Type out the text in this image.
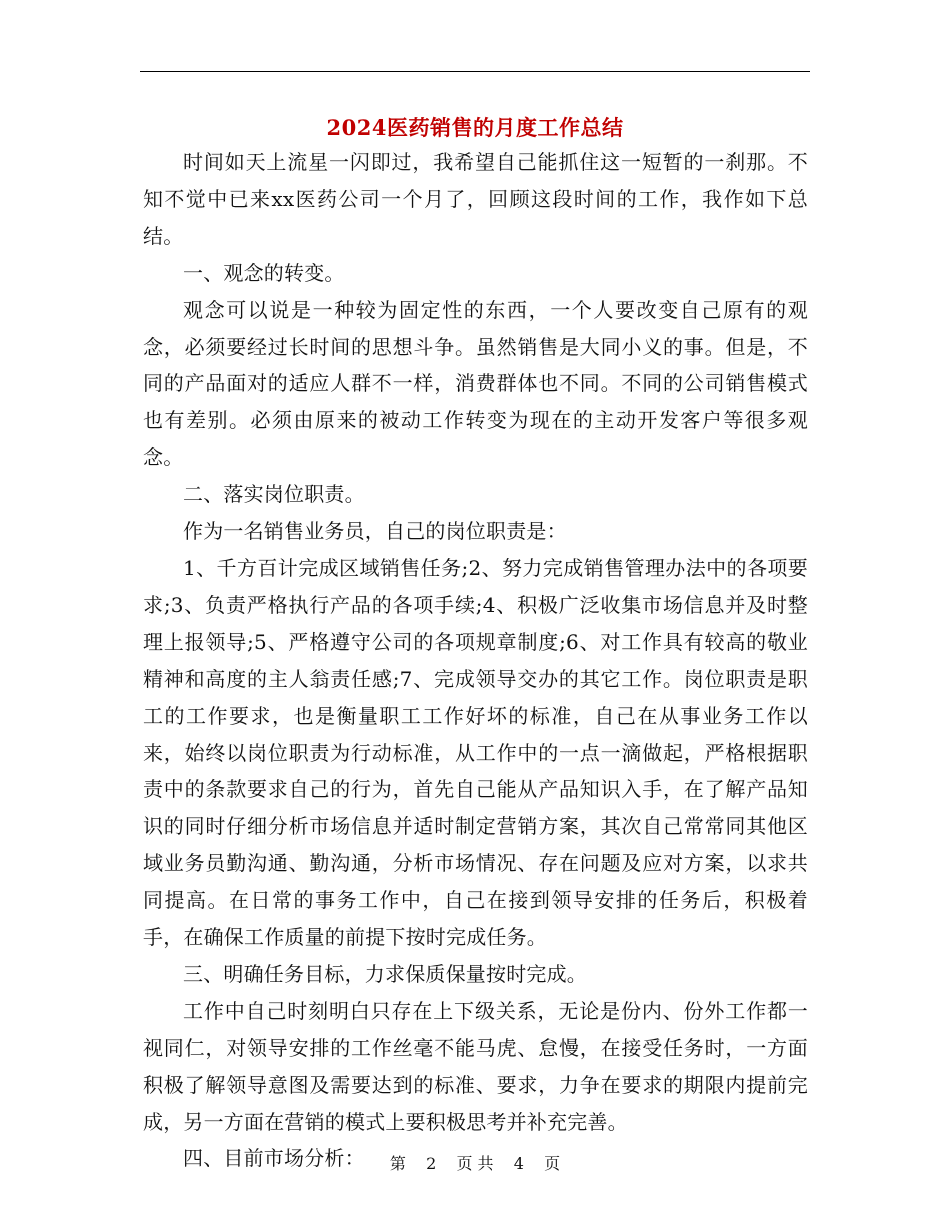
2024医药销售的月度工作总结

时间如天上流星一闪即过，我希望自己能抓住这一短暂的一刹那。不知不觉中已来xx医药公司一个月了，回顾这段时间的工作，我作如下总结。

一、观念的转变。

观念可以说是一种较为固定性的东西，一个人要改变自己原有的观念，必须要经过长时间的思想斗争。虽然销售是大同小义的事。但是，不同的产品面对的适应人群不一样，消费群体也不同。不同的公司销售模式也有差别。必须由原来的被动工作转变为现在的主动开发客户等很多观念。

二、落实岗位职责。

作为一名销售业务员，自己的岗位职责是：

1、千方百计完成区域销售任务;2、努力完成销售管理办法中的各项要求;3、负责严格执行产品的各项手续;4、积极广泛收集市场信息并及时整理上报领导;5、严格遵守公司的各项规章制度;6、对工作具有较高的敬业精神和高度的主人翁责任感;7、完成领导交办的其它工作。岗位职责是职工的工作要求，也是衡量职工工作好坏的标准，自己在从事业务工作以来，始终以岗位职责为行动标准，从工作中的一点一滴做起，严格根据职责中的条款要求自己的行为，首先自己能从产品知识入手，在了解产品知识的同时仔细分析市场信息并适时制定营销方案，其次自己常常同其他区域业务员勤沟通、勤沟通，分析市场情况、存在问题及应对方案，以求共同提高。在日常的事务工作中，自己在接到领导安排的任务后，积极着手，在确保工作质量的前提下按时完成任务。

三、明确任务目标，力求保质保量按时完成。

工作中自己时刻明白只存在上下级关系，无论是份内、份外工作都一视同仁，对领导安排的工作丝毫不能马虎、怠慢，在接受任务时，一方面积极了解领导意图及需要达到的标准、要求，力争在要求的期限内提前完成，另一方面在营销的模式上要积极思考并补充完善。

四、目前市场分析：	第 2 页 共 4 页
